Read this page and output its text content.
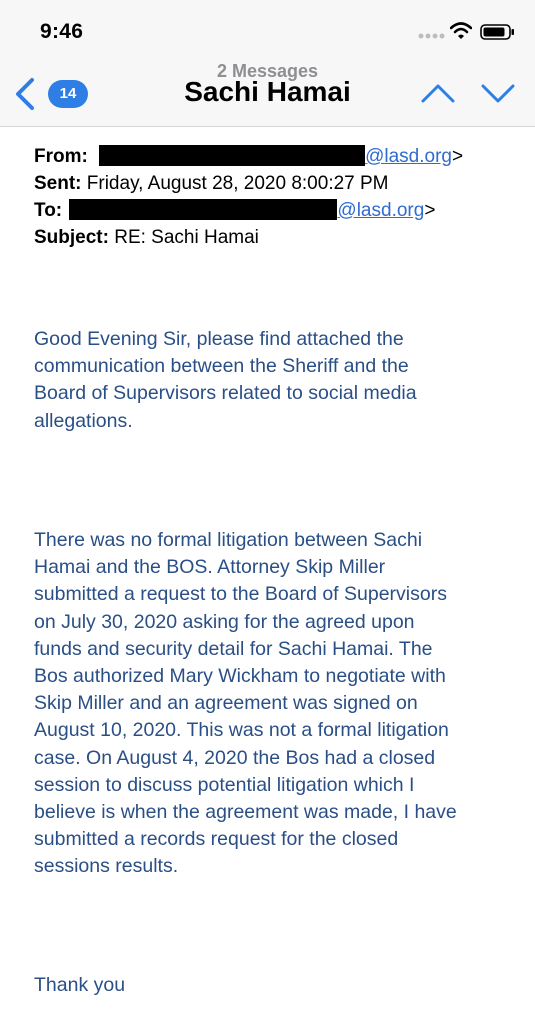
9:46
14
2 Messages
Sachi Hamai
From:	@lasd.org>
Sent: Friday, August 28, 2020 8:00:27 PM
To:	@lasd.org>
Subject: RE: Sachi Hamai
Good Evening Sir, please find attached the
communication between the Sheriff and the
Board of Supervisors related to social media
allegations.
There was no formal litigation between Sachi
Hamai and the BOS. Attorney Skip Miller
submitted a request to the Board of Supervisors
on July 30, 2020 asking for the agreed upon
funds and security detail for Sachi Hamai. The
Bos authorized Mary Wickham to negotiate with
Skip Miller and an agreement was signed on
August 10, 2020. This was not a formal litigation
case. On August 4, 2020 the Bos had a closed
session to discuss potential litigation which I
believe is when the agreement was made, I have
submitted a records request for the closed
sessions results.
Thank you
